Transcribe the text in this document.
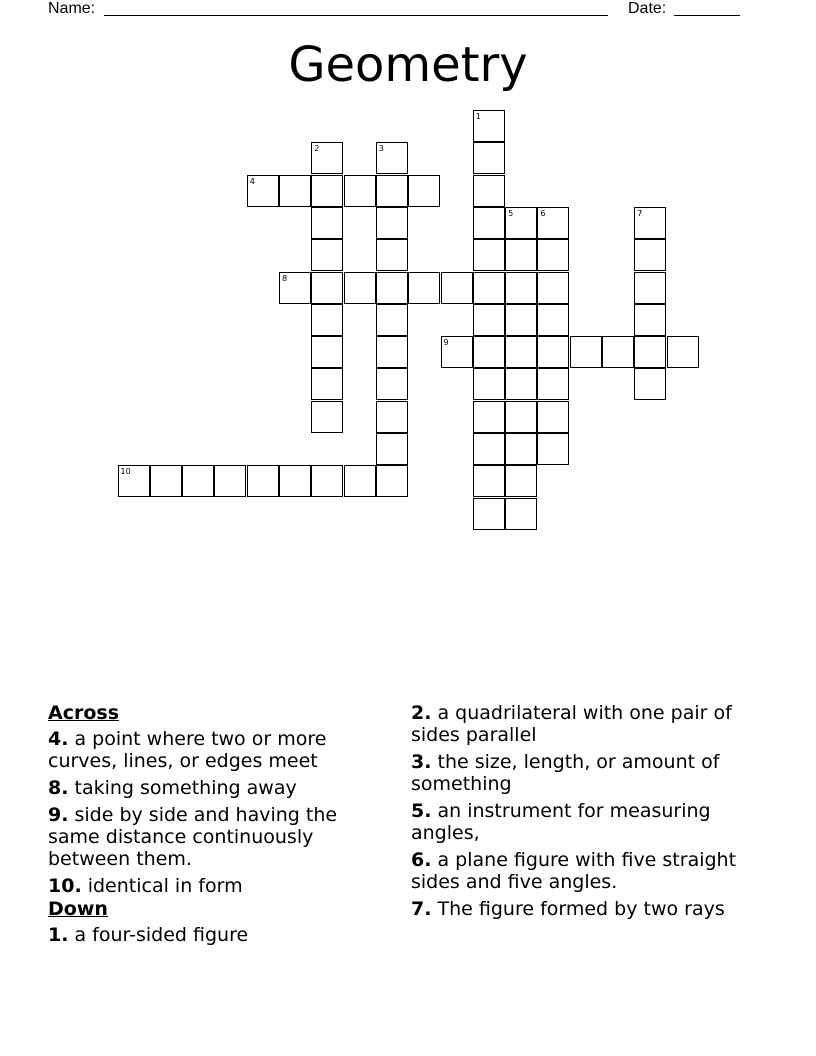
Name:	Date:
Geometry
1
2	3
4
5	6	7
8
9
10
Across
4. a point where two or more curves, lines, or edges meet
8. taking something away
9. side by side and having the same distance continuously between them.
10. identical in form
Down
1. a four-sided figure
2. a quadrilateral with one pair of sides parallel
3. the size, length, or amount of something
5. an instrument for measuring angles,
6. a plane figure with five straight sides and five angles.
7. The figure formed by two rays
